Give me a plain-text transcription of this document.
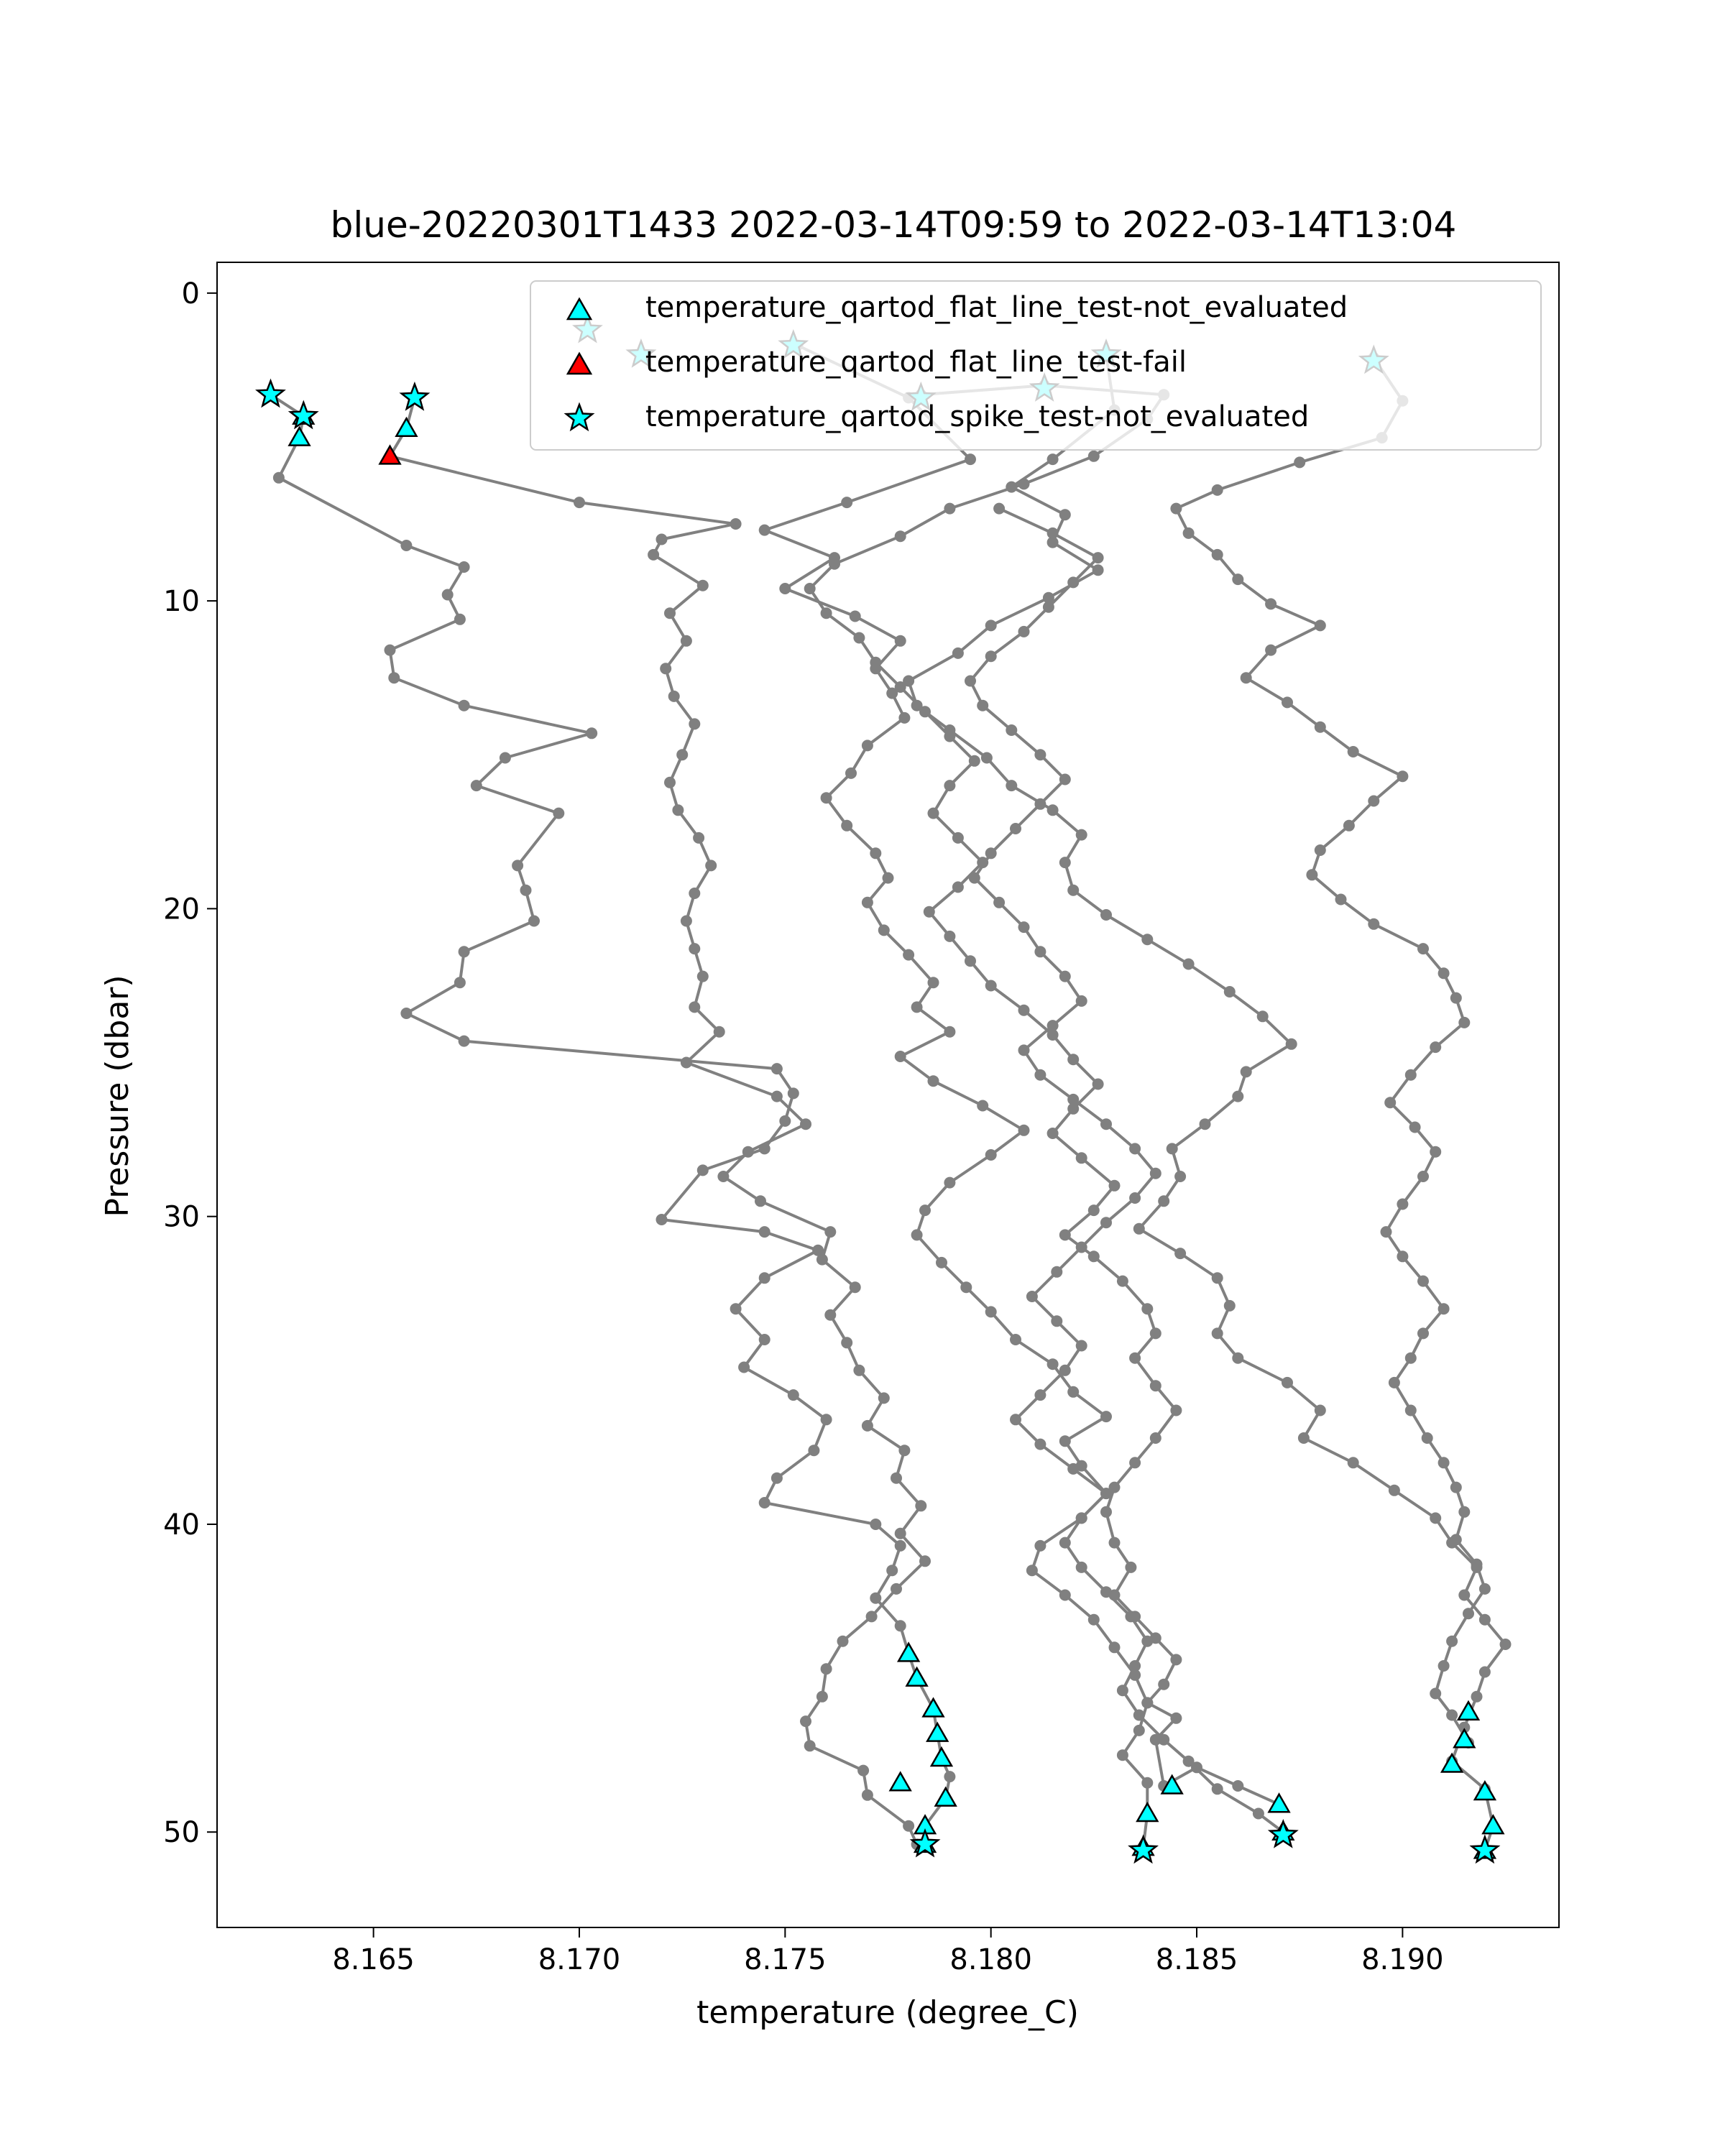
blue-20220301T1433 2022-03-14T09:59 to 2022-03-14T13:04
8.165	8.170	8.175	8.180	8.185	8.190
0
10
20
30
40
50
temperature (degree_C)
Pressure (dbar)
temperature_qartod_flat_line_test-not_evaluated
temperature_qartod_flat_line_test-fail
temperature_qartod_spike_test-not_evaluated
